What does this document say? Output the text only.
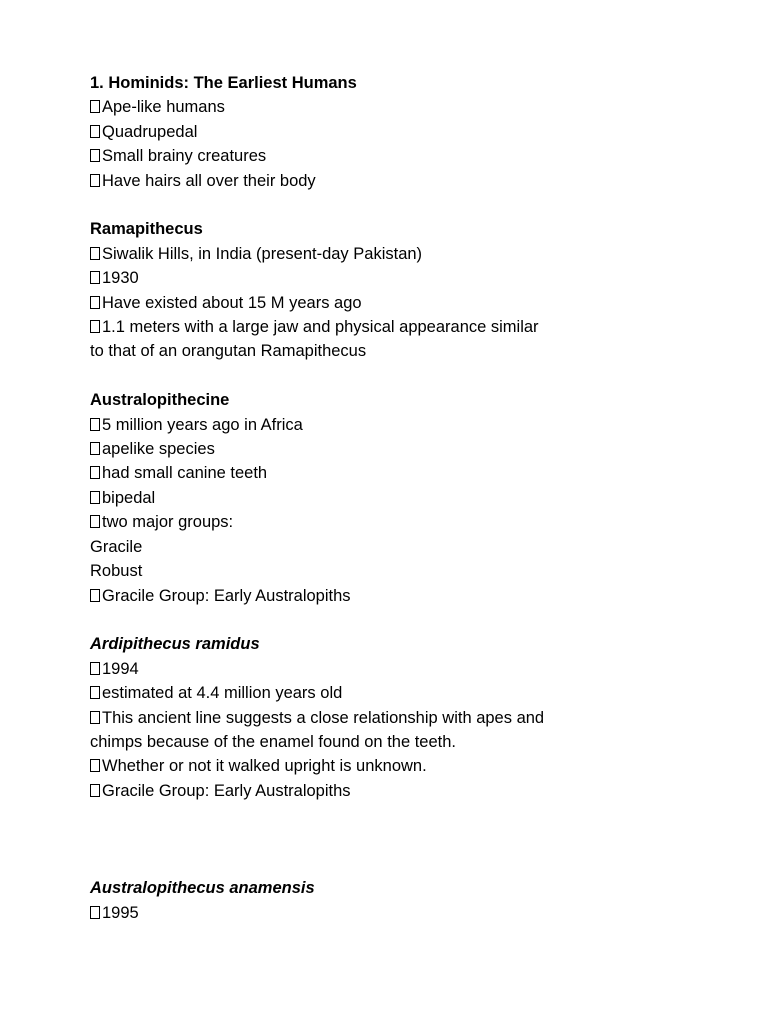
1. Hominids: The Earliest Humans

Ape-like humans

Quadrupedal

Small brainy creatures

Have hairs all over their body

Ramapithecus

Siwalik Hills, in India (present-day Pakistan)

1930

Have existed about 15 M years ago

1.1 meters with a large jaw and physical appearance similar

to that of an orangutan Ramapithecus

Australopithecine

5 million years ago in Africa

apelike species

had small canine teeth

bipedal

two major groups:

Gracile

Robust

Gracile Group: Early Australopiths

Ardipithecus ramidus

1994

estimated at 4.4 million years old

This ancient line suggests a close relationship with apes and

chimps because of the enamel found on the teeth.

Whether or not it walked upright is unknown.

Gracile Group: Early Australopiths

Australopithecus anamensis

1995
